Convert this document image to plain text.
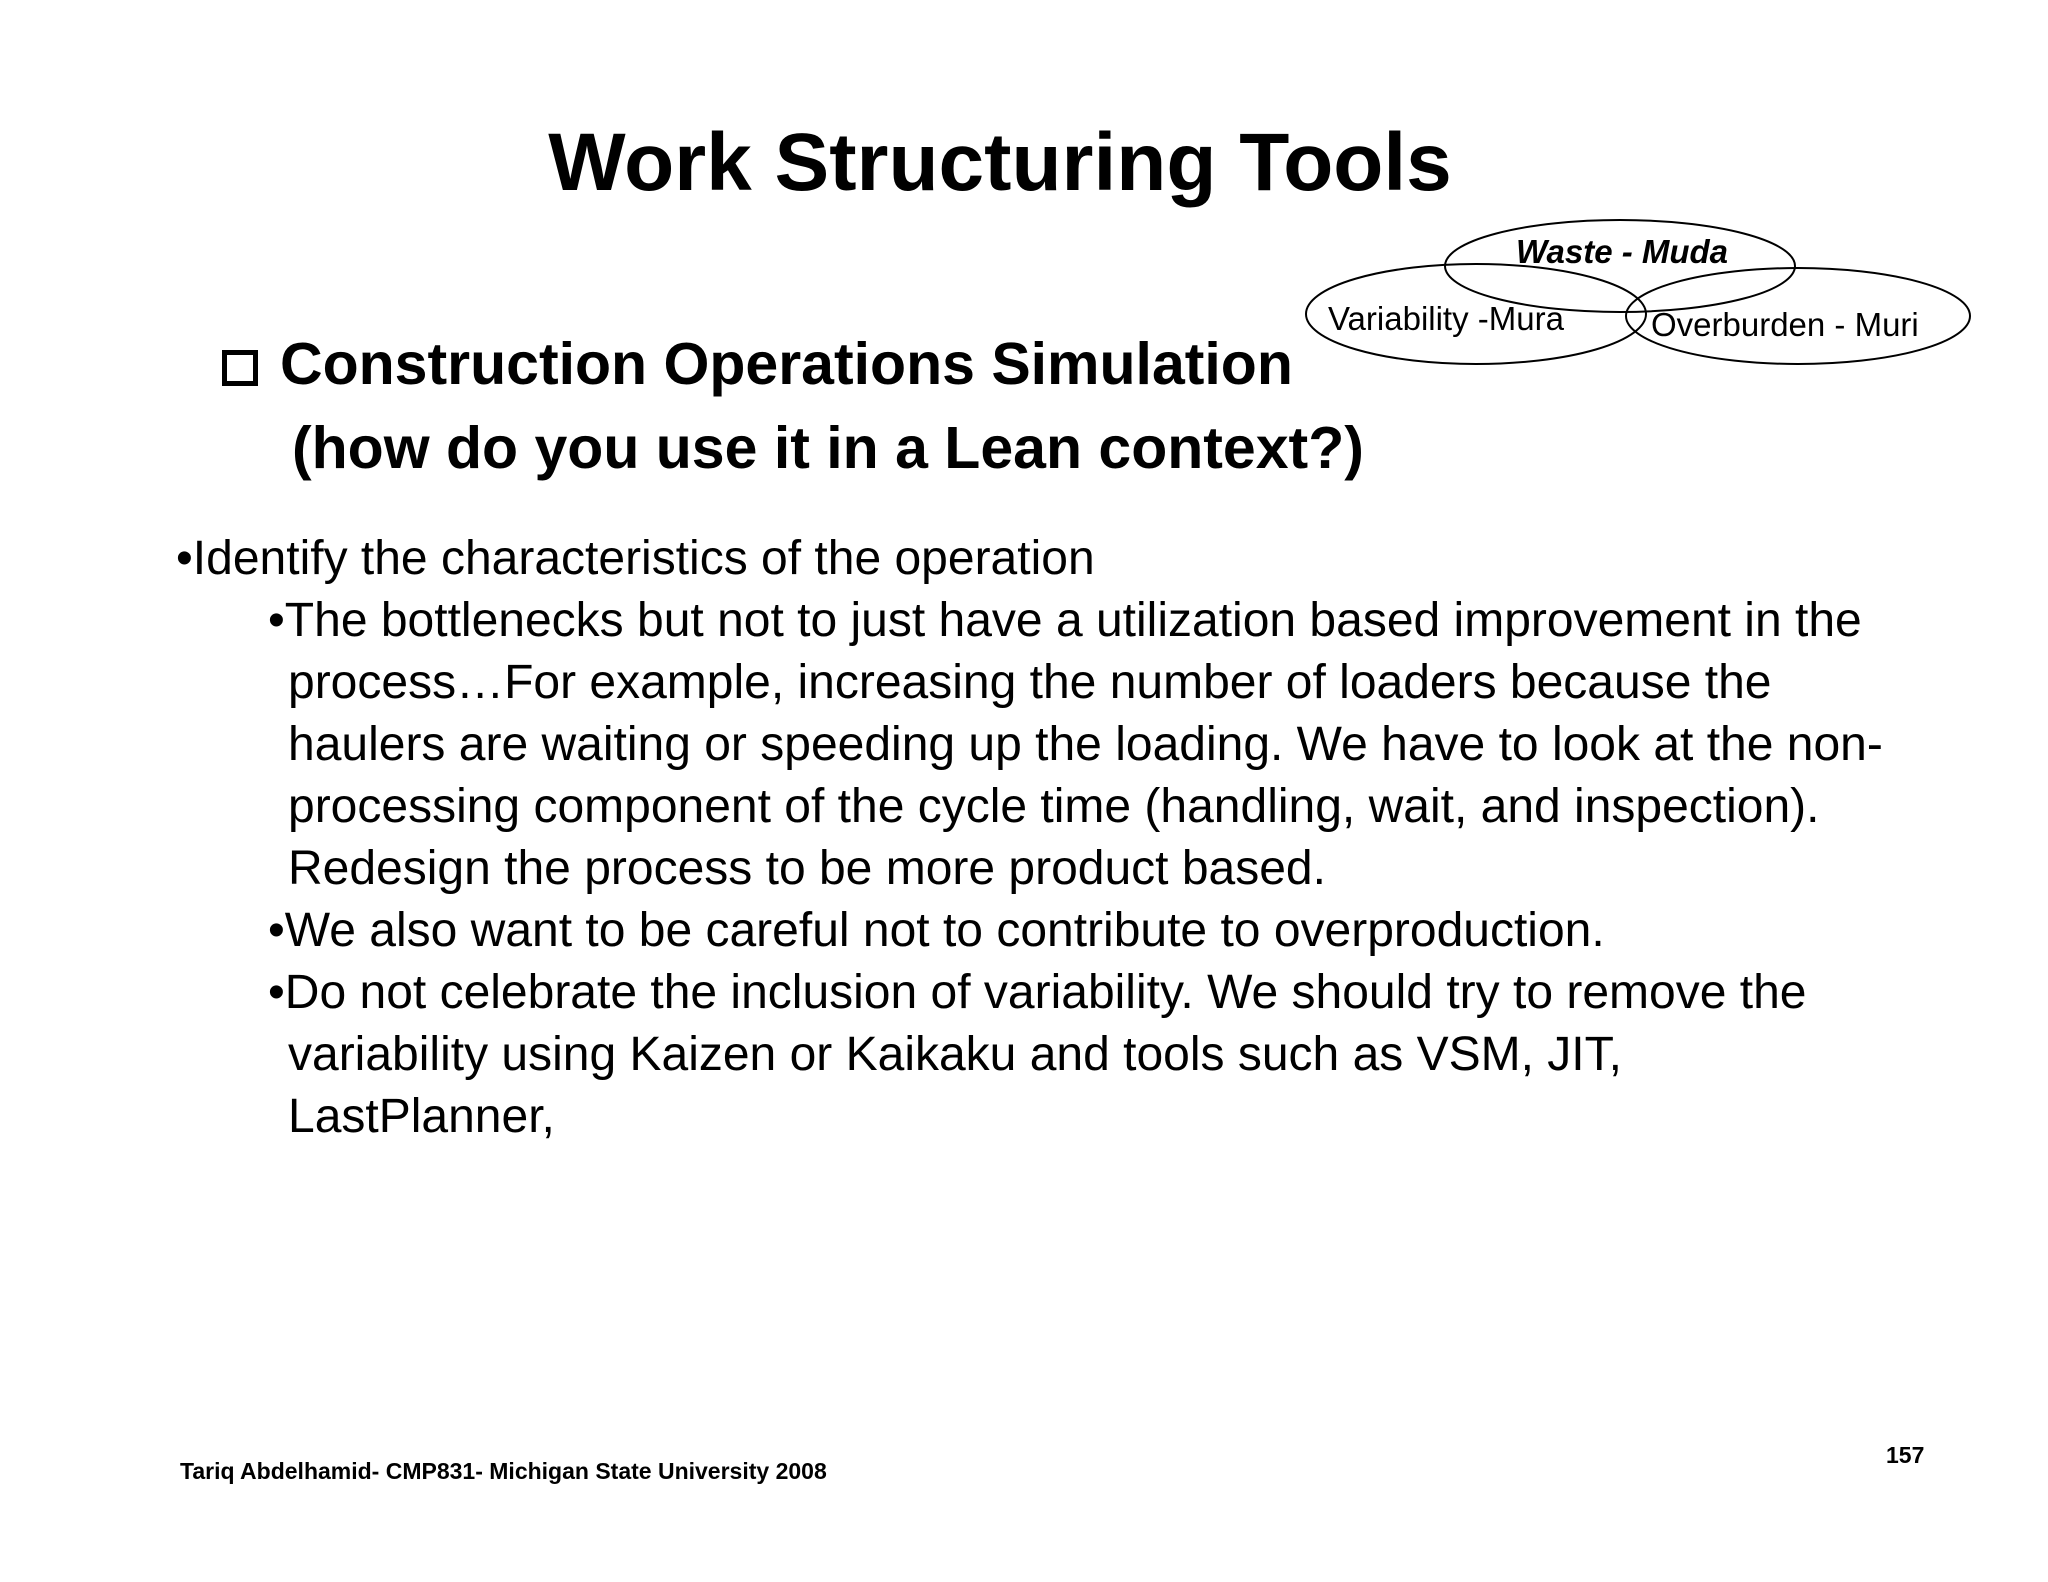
Work Structuring Tools
Construction Operations Simulation
(how do you use it in a Lean context?)
Waste - Muda
Variability -Mura	Overburden - Muri

•Identify the characteristics of the operation

•The bottlenecks but not to just have a utilization based improvement in the process…For example, increasing the number of loaders because the haulers are waiting or speeding up the loading. We have to look at the non-processing component of the cycle time (handling, wait, and inspection). Redesign the process to be more product based.

•We also want to be careful not to contribute to overproduction.

•Do not celebrate the inclusion of variability. We should try to remove the variability using Kaizen or Kaikaku and tools such as VSM, JIT, LastPlanner,

Tariq Abdelhamid- CMP831- Michigan State University 2008
157
